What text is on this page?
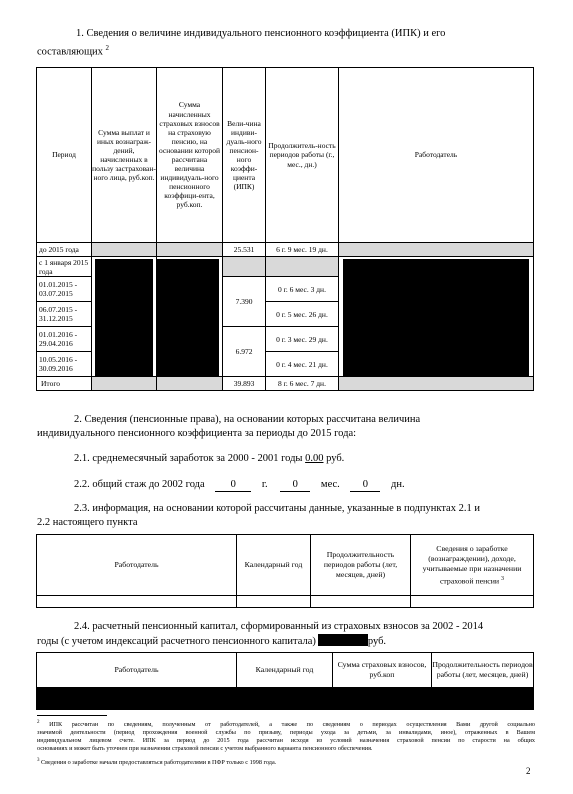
1. Сведения о величине индивидуального пенсионного коэффициента (ИПК) и его
составляющих $^2$
Период	Сумма выплат и иных вознаграж-дений, начисленных в пользу застрахован-ного лица, руб.коп.	Сумма начисленных страховых взносов на страховую пенсию, на основании которой рассчитана величина индивидуаль-ного пенсионного коэффици-ента, руб.коп.	Вели-чина индиви-дуаль-ного пенсион-ного коэффи-циента (ИПК)	Продолжитель-ность периодов работы (г., мес., дн.)	Работодатель
до 2015 года			25.531	6 г. 9 мес. 19 дн.	
с 1 января 2015 года	

01.01.2015 - 03.07.2015			7.390	0 г. 6 мес. 3 дн.	
06.07.2015 - 31.12.2015				0 г. 5 мес. 26 дн.	
01.01.2016 - 29.04.2016			6.972	0 г. 3 мес. 29 дн.	
10.05.2016 - 30.09.2016				0 г. 4 мес. 21 дн.	
Итого			39.893	8 г. 6 мес. 7 дн.	
2. Сведения (пенсионные права), на основании которых рассчитана величина
индивидуального пенсионного коэффициента за периоды до 2015 года:
2.1. среднемесячный заработок за 2000 - 2001 годы 0.00 руб.
2.2. общий стаж до 2002 года 0 г. 0 мес. 0 дн.
2.3. информация, на основании которой рассчитаны данные, указанные в подпунктах 2.1 и
2.2 настоящего пункта
Работодатель	Календарный год	Продолжительность периодов работы (лет, месяцев, дней)	Сведения о заработке (вознаграждении), доходе, учитываемые при назначении страховой пенсии $^3$

2.4. расчетный пенсионный капитал, сформированный из страховых взносов за 2002 - 2014
годы (с учетом индексаций расчетного пенсионного капитала)	руб.
Работодатель	Календарный год	Сумма страховых взносов, руб.коп	Продолжительность периодов работы (лет, месяцев, дней)

$^2$ ИПК рассчитан по сведениям, полученным от работодателей, а также по сведениям о периодах осуществления Вами другой социально
значимой деятельности (период прохождения военной службы по призыву, периоды ухода за детьми, за инвалидами, иное), отраженных в Вашем
индивидуальном лицевом счете. ИПК за период до 2015 года рассчитан исходя из условий назначения страховой пенсии по старости на общих
основаниях и может быть уточнен при назначении страховой пенсии с учетом выбранного варианта пенсионного обеспечения.
$^3$ Сведения о заработке начали предоставляться работодателями в ПФР только с 1998 года.
2
